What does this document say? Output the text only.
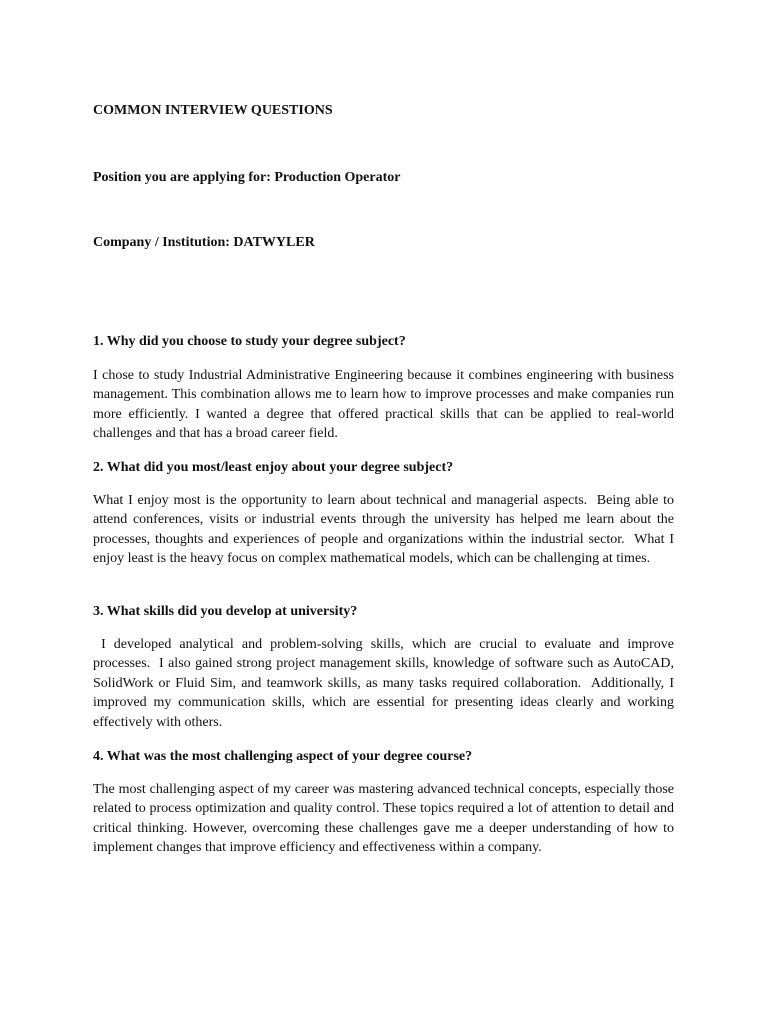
COMMON INTERVIEW QUESTIONS

Position you are applying for: Production Operator

Company / Institution: DATWYLER

1. Why did you choose to study your degree subject?

I chose to study Industrial Administrative Engineering because it combines engineering with business management. This combination allows me to learn how to improve processes and make companies run more efficiently. I wanted a degree that offered practical skills that can be applied to real-world challenges and that has a broad career field.

2. What did you most/least enjoy about your degree subject?

What I enjoy most is the opportunity to learn about technical and managerial aspects.  Being able to attend conferences, visits or industrial events through the university has helped me learn about the processes, thoughts and experiences of people and organizations within the industrial sector.  What I enjoy least is the heavy focus on complex mathematical models, which can be challenging at times.

3. What skills did you develop at university?

I developed analytical and problem-solving skills, which are crucial to evaluate and improve processes.  I also gained strong project management skills, knowledge of software such as AutoCAD, SolidWork or Fluid Sim, and teamwork skills, as many tasks required collaboration.  Additionally, I improved my communication skills, which are essential for presenting ideas clearly and working effectively with others.

4. What was the most challenging aspect of your degree course?

The most challenging aspect of my career was mastering advanced technical concepts, especially those related to process optimization and quality control. These topics required a lot of attention to detail and critical thinking. However, overcoming these challenges gave me a deeper understanding of how to implement changes that improve efficiency and effectiveness within a company.
